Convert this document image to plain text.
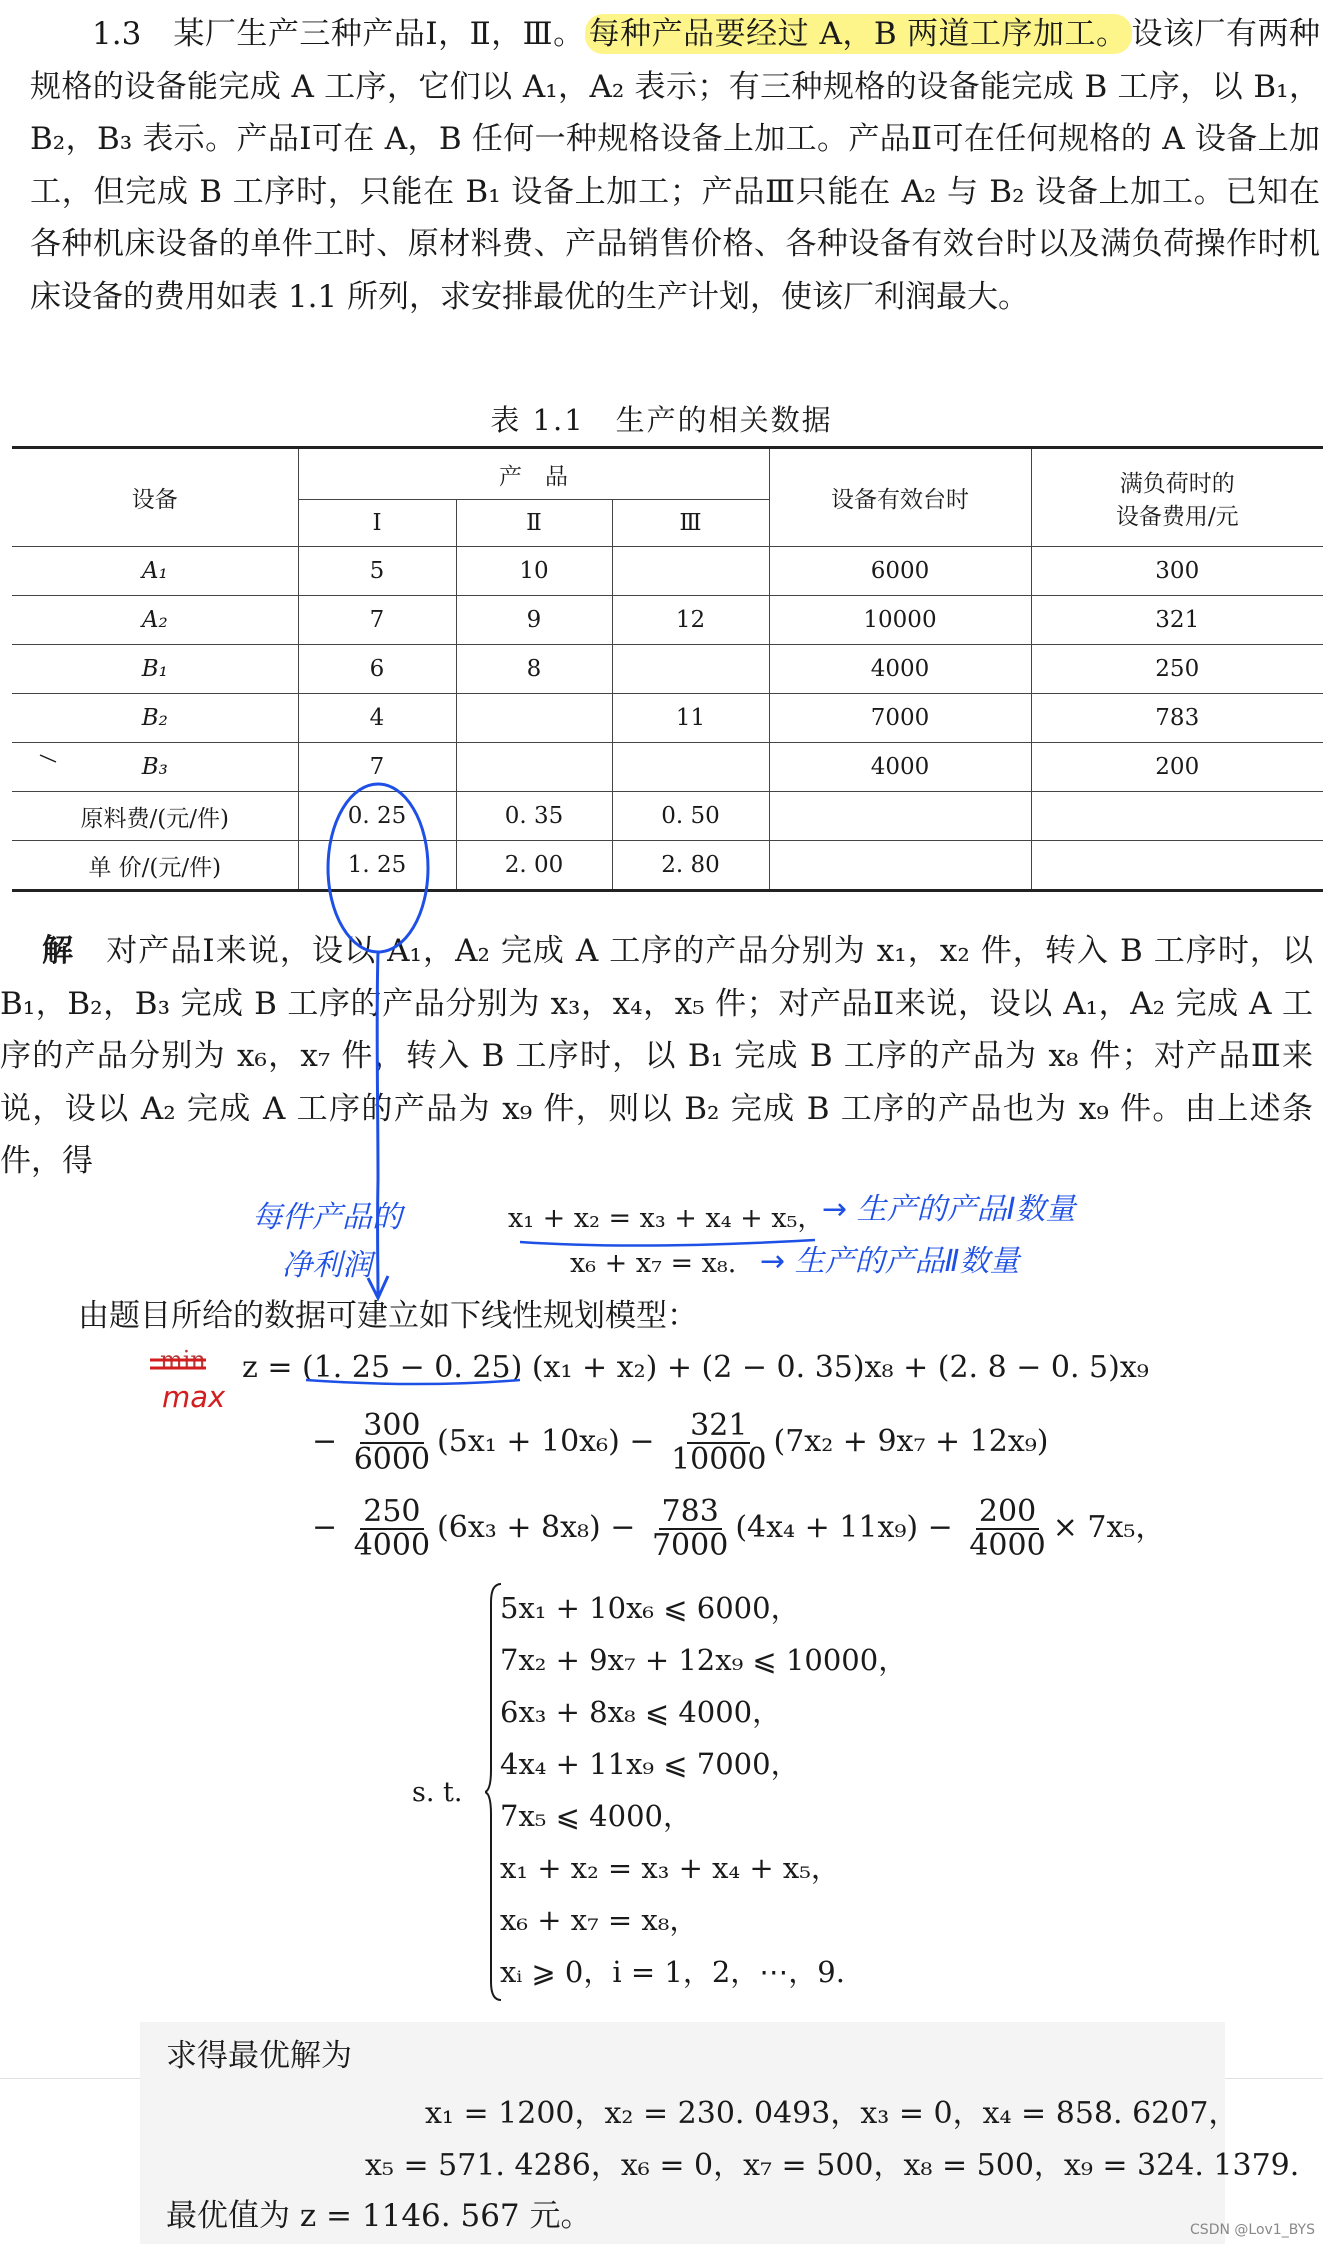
1.3　 某厂生产三种产品Ⅰ，Ⅱ，Ⅲ。 每种产品要经过 A，B 两道工序加工。 设该厂有两种规格的设备能完成 A 工序，它们以 A₁，A₂ 表示；有三种规格的设备能完成 B 工序，以 B₁，B₂，B₃ 表示。产品Ⅰ可在 A，B 任何一种规格设备上加工。产品Ⅱ可在任何规格的 A 设备上加工，但完成 B 工序时，只能在 B₁ 设备上加工；产品Ⅲ只能在 A₂ 与 B₂ 设备上加工。已知在各种机床设备的单件工时、原材料费、产品销售价格、各种设备有效台时以及满负荷操作时机床设备的费用如表 1.1 所列，求安排最优的生产计划，使该厂利润最大。

表 1.1　生产的相关数据
设备	产　品			设备有效台时	满负荷时的
设备费用/元
	Ⅰ	Ⅱ	Ⅲ		
A₁	5	10		6000	300
A₂	7	9	12	10000	321
B₁	6	8		4000	250
B₂	4		11	7000	783
B₃	7			4000	200
原料费/(元/件)	0. 25	0. 35	0. 50		
单 价/(元/件)	1. 25	2. 00	2. 80		

解　 对产品Ⅰ来说，设以 A₁，A₂ 完成 A 工序的产品分别为 x₁，x₂ 件，转入 B 工序时，以 B₁，B₂，B₃ 完成 B 工序的产品分别为 x₃，x₄，x₅ 件；对产品Ⅱ来说，设以 A₁，A₂ 完成 A 工序的产品分别为 x₆，x₇ 件，转入 B 工序时，以 B₁ 完成 B 工序的产品为 x₈ 件；对产品Ⅲ来说，设以 A₂ 完成 A 工序的产品为 x₉ 件，则以 B₂ 完成 B 工序的产品也为 x₉ 件。由上述条件，得

x₁ + x₂ = x₃ + x₄ + x₅，
x₆ + x₇ = x₈.
每件产品的
净利润
→ 生产的产品Ⅰ数量
→ 生产的产品Ⅱ数量
由题目所给的数据可建立如下线性规划模型：
min
max
z = (1. 25 − 0. 25) (x₁ + x₂) + (2 − 0. 35)x₈ + (2. 8 − 0. 5)x₉
− $\frac{300}{6000} (5x_1 + 10x_6) - \frac{321}{10000} (7x_2 + 9x_7 + 12x_9)$
− $\frac{250}{4000} (6x_3 + 8x_8) - \frac{783}{7000} (4x_4 + 11x_9) - \frac{200}{4000} \times 7x_5$，
s. t.
5x₁ + 10x₆ ⩽ 6000，
7x₂ + 9x₇ + 12x₉ ⩽ 10000，
6x₃ + 8x₈ ⩽ 4000，
4x₄ + 11x₉ ⩽ 7000，
7x₅ ⩽ 4000，
x₁ + x₂ = x₃ + x₄ + x₅，
x₆ + x₇ = x₈，
xᵢ ⩾ 0，i = 1，2，⋯，9.
求得最优解为
x₁ = 1200，x₂ = 230. 0493，x₃ = 0，x₄ = 858. 6207，
x₅ = 571. 4286，x₆ = 0，x₇ = 500，x₈ = 500，x₉ = 324. 1379.
最优值为 z = 1146. 567 元。	CSDN @Lov1_BYS
